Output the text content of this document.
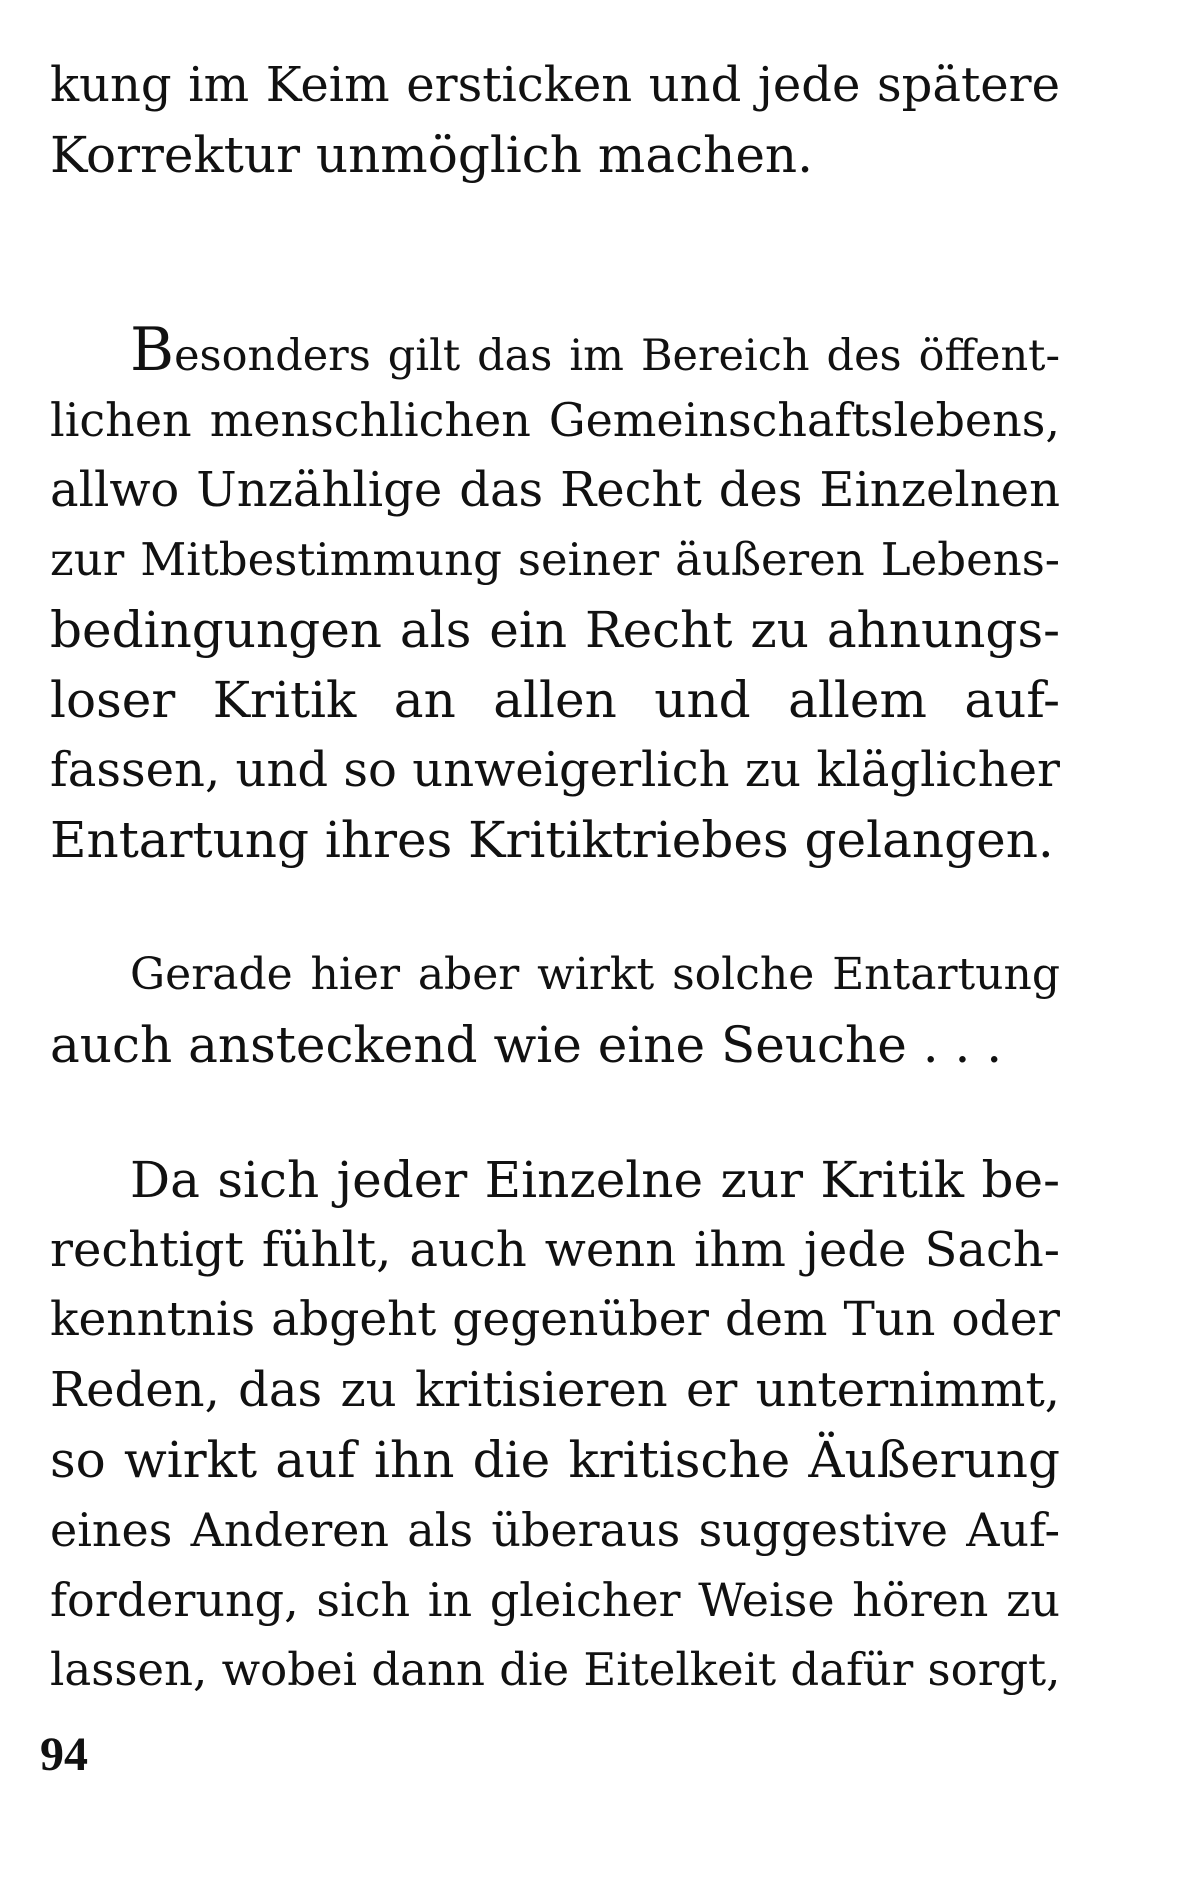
kung im Keim ersticken und jede spätere
Korrektur unmöglich machen.
Besonders gilt das im Bereich des öffent-
lichen menschlichen Gemeinschaftslebens,
allwo Unzählige das Recht des Einzelnen
zur Mitbestimmung seiner äußeren Lebens-
bedingungen als ein Recht zu ahnungs-
loser Kritik an allen und allem auf-
fassen, und so unweigerlich zu kläglicher
Entartung ihres Kritiktriebes gelangen.
Gerade hier aber wirkt solche Entartung
auch ansteckend wie eine Seuche . . .
Da sich jeder Einzelne zur Kritik be-
rechtigt fühlt, auch wenn ihm jede Sach-
kenntnis abgeht gegenüber dem Tun oder
Reden, das zu kritisieren er unternimmt,
so wirkt auf ihn die kritische Äußerung
eines Anderen als überaus suggestive Auf-
forderung, sich in gleicher Weise hören zu
lassen, wobei dann die Eitelkeit dafür sorgt,
94
